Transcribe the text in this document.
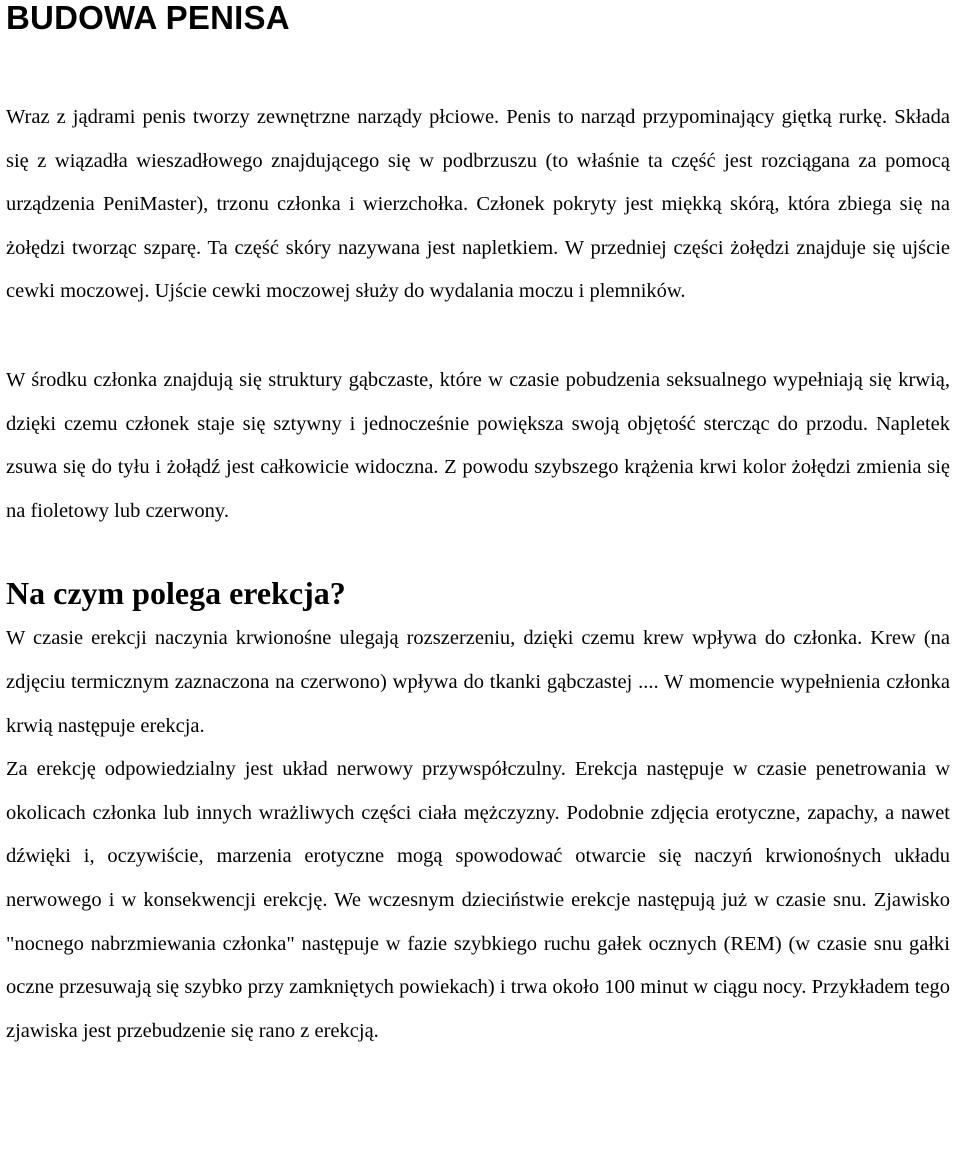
BUDOWA PENISA

Wraz z jądrami penis tworzy zewnętrzne narządy płciowe. Penis to narząd przypominający giętką rurkę. Składa się z wiązadła wieszadłowego znajdującego się w podbrzuszu (to właśnie ta część jest rozciągana za pomocą urządzenia PeniMaster), trzonu członka i wierzchołka. Członek pokryty jest miękką skórą, która zbiega się na żołędzi tworząc szparę. Ta część skóry nazywana jest napletkiem. W przedniej części żołędzi znajduje się ujście cewki moczowej. Ujście cewki moczowej służy do wydalania moczu i plemników.

W środku członka znajdują się struktury gąbczaste, które w czasie pobudzenia seksualnego wypełniają się krwią, dzięki czemu członek staje się sztywny i jednocześnie powiększa swoją objętość stercząc do przodu. Napletek zsuwa się do tyłu i żołądź jest całkowicie widoczna. Z powodu szybszego krążenia krwi kolor żołędzi zmienia się na fioletowy lub czerwony.

Na czym polega erekcja?

W czasie erekcji naczynia krwionośne ulegają rozszerzeniu, dzięki czemu krew wpływa do członka. Krew (na zdjęciu termicznym zaznaczona na czerwono) wpływa do tkanki gąbczastej .... W momencie wypełnienia członka krwią następuje erekcja.

Za erekcję odpowiedzialny jest układ nerwowy przywspółczulny. Erekcja następuje w czasie penetrowania w okolicach członka lub innych wrażliwych części ciała mężczyzny. Podobnie zdjęcia erotyczne, zapachy, a nawet dźwięki i, oczywiście, marzenia erotyczne mogą spowodować otwarcie się naczyń krwionośnych układu nerwowego i w konsekwencji erekcję. We wczesnym dzieciństwie erekcje następują już w czasie snu. Zjawisko "nocnego nabrzmiewania członka" następuje w fazie szybkiego ruchu gałek ocznych (REM) (w czasie snu gałki oczne przesuwają się szybko przy zamkniętych powiekach) i trwa około 100 minut w ciągu nocy. Przykładem tego zjawiska jest przebudzenie się rano z erekcją.
